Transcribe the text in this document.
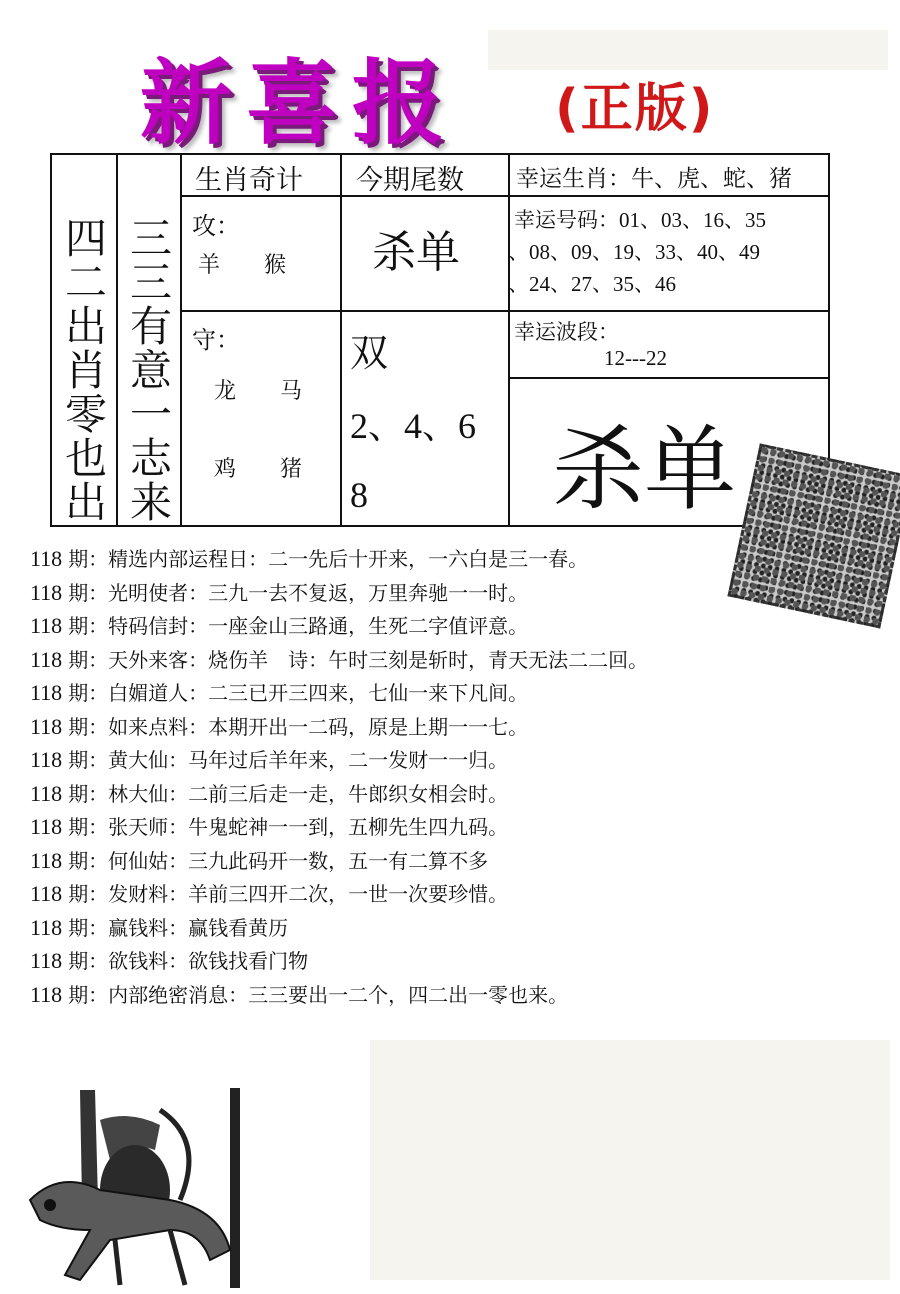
新喜报 (正版)
四二出肖零也出 三三有意一志来
生肖奇计 今期尾数 幸运生肖：牛、虎、蛇、猪
攻：
羊　　猴 杀单
幸运号码：01、03、16、35
、08、09、19、33、40、49
、24、27、35、46
守：
龙　　马
鸡　　猪
双
2、4、6
8
幸运波段：
12---22
杀单
118 期：精选内部运程日：二一先后十开来，一六白是三一春。
118 期：光明使者：三九一去不复返，万里奔驰一一时。
118 期：特码信封：一座金山三路通，生死二字值评意。
118 期：天外来客：烧伤羊　诗：午时三刻是斩时，青天无法二二回。
118 期：白媚道人：二三已开三四来，七仙一来下凡间。
118 期：如来点料：本期开出一二码，原是上期一一七。
118 期：黄大仙：马年过后羊年来，二一发财一一归。
118 期：林大仙：二前三后走一走，牛郎织女相会时。
118 期：张天师：牛鬼蛇神一一到，五柳先生四九码。
118 期：何仙姑：三九此码开一数，五一有二算不多
118 期：发财料：羊前三四开二次，一世一次要珍惜。
118 期：赢钱料：赢钱看黄历
118 期：欲钱料：欲钱找看门物
118 期：内部绝密消息：三三要出一二个，四二出一零也来。
